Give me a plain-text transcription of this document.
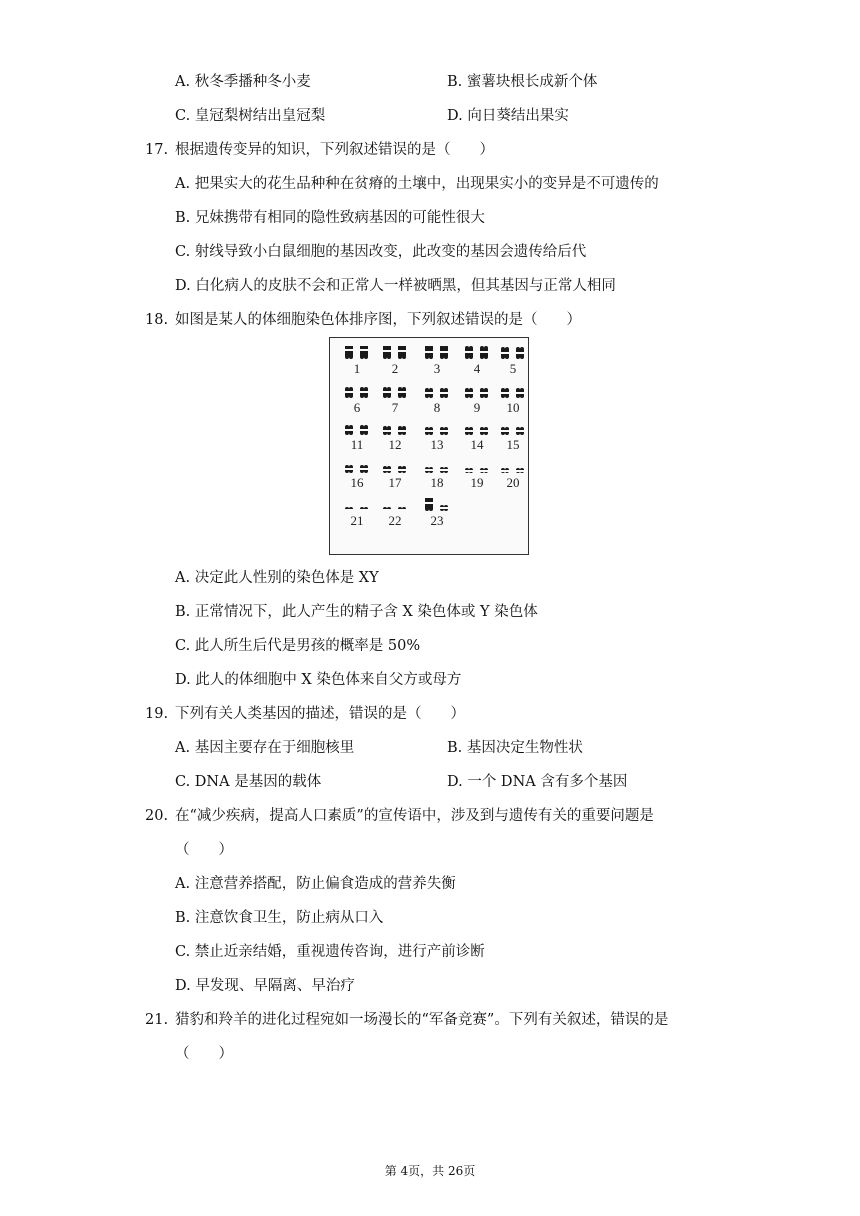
A. 秋冬季播种冬小麦	B. 蜜薯块根长成新个体
C. 皇冠梨树结出皇冠梨	D. 向日葵结出果实
17. 根据遗传变异的知识，下列叙述错误的是（　　）
A. 把果实大的花生品种种在贫瘠的土壤中，出现果实小的变异是不可遗传的
B. 兄妹携带有相同的隐性致病基因的可能性很大
C. 射线导致小白鼠细胞的基因改变，此改变的基因会遗传给后代
D. 白化病人的皮肤不会和正常人一样被晒黑，但其基因与正常人相同
18. 如图是某人的体细胞染色体排序图，下列叙述错误的是（　　）
1	2	3	4	5
6	7	8	9	10
11	12	13	14	15
16	17	18	19	20
21	22	23
A. 决定此人性别的染色体是 XY
B. 正常情况下，此人产生的精子含 X 染色体或 Y 染色体
C. 此人所生后代是男孩的概率是 50%
D. 此人的体细胞中 X 染色体来自父方或母方
19. 下列有关人类基因的描述，错误的是（　　）
A. 基因主要存在于细胞核里	B. 基因决定生物性状
C. DNA 是基因的载体	D. 一个 DNA 含有多个基因
20. 在“减少疾病，提高人口素质”的宣传语中，涉及到与遗传有关的重要问题是
（　　）
A. 注意营养搭配，防止偏食造成的营养失衡
B. 注意饮食卫生，防止病从口入
C. 禁止近亲结婚，重视遗传咨询，进行产前诊断
D. 早发现、早隔离、早治疗
21. 猎豹和羚羊的进化过程宛如一场漫长的“军备竞赛”。下列有关叙述，错误的是
（　　）
第 4页，共 26页
